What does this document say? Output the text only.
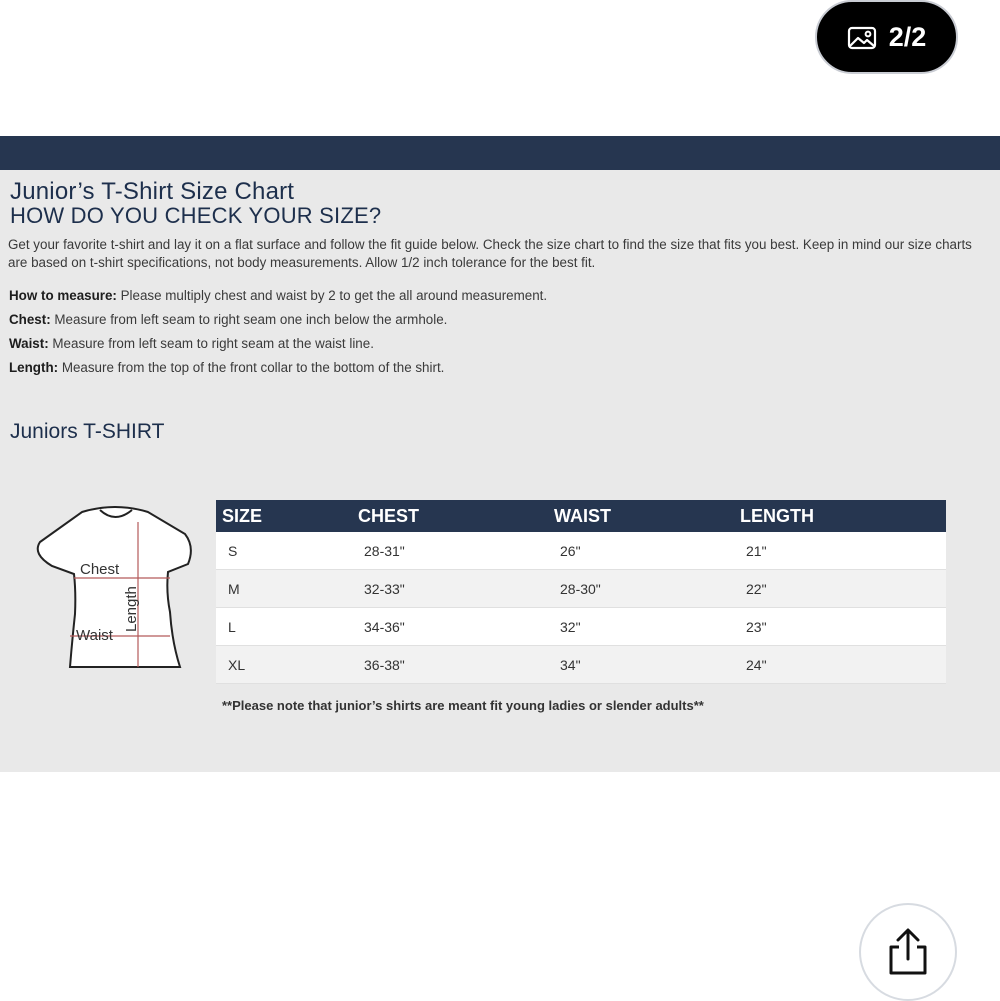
2/2
Junior’s T-Shirt Size Chart
HOW DO YOU CHECK YOUR SIZE?
Get your favorite t-shirt and lay it on a flat surface and follow the fit guide below. Check the size chart to find the size that fits you best. Keep in mind our size charts are based on t-shirt specifications, not body measurements. Allow 1/2 inch tolerance for the best fit.
How to measure: Please multiply chest and waist by 2 to get the all around measurement.
Chest: Measure from left seam to right seam one inch below the armhole.
Waist: Measure from left seam to right seam at the waist line.
Length: Measure from the top of the front collar to the bottom of the shirt.
Juniors T-SHIRT
Chest
Waist
Length
SIZE	CHEST	WAIST	LENGTH
S	28-31"	26"	21"
M	32-33"	28-30"	22"
L	34-36"	32"	23"
XL	36-38"	34"	24"
**Please note that junior’s shirts are meant fit young ladies or slender adults**
